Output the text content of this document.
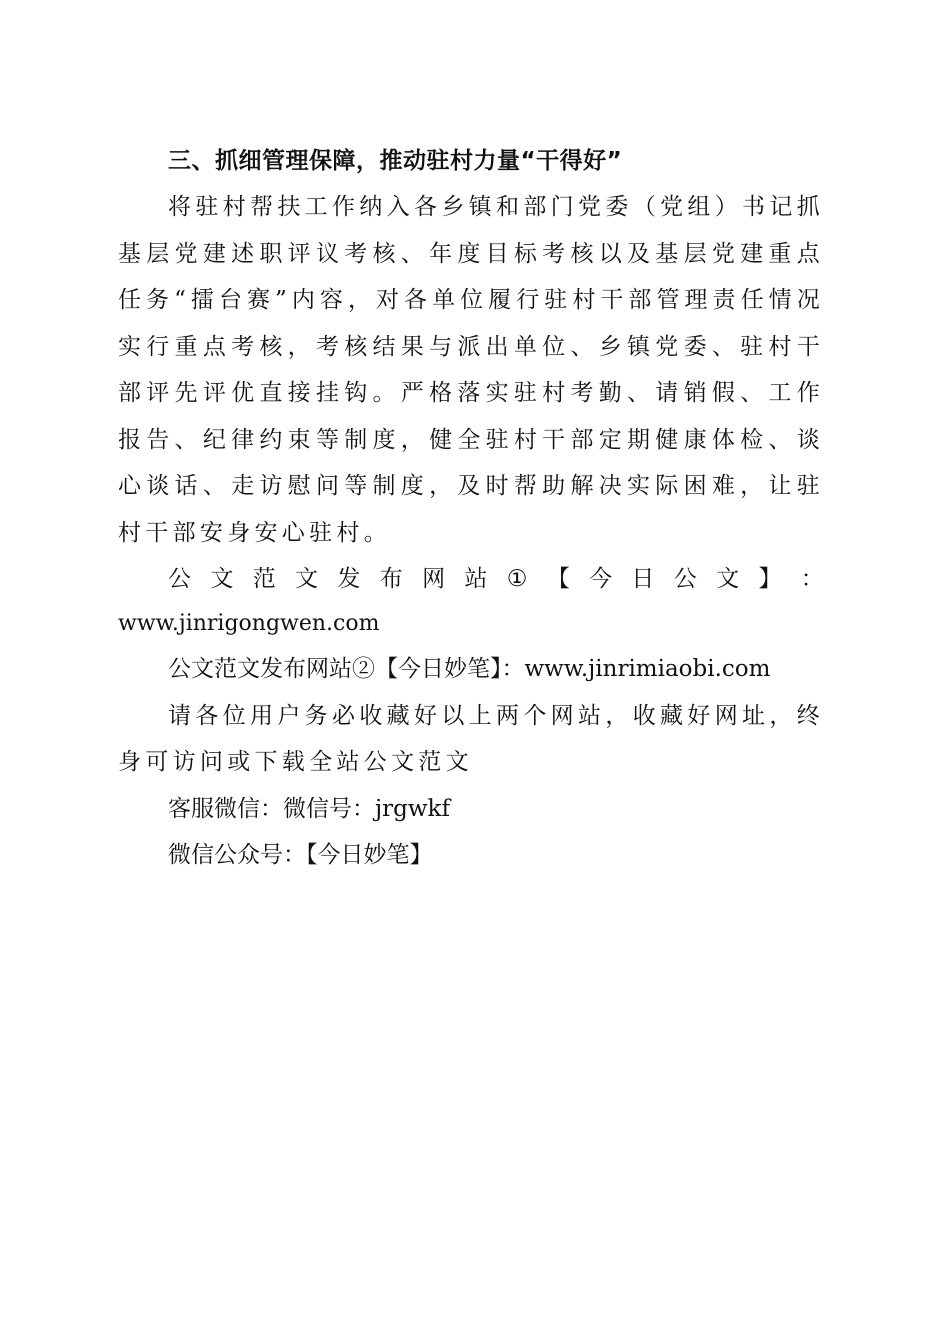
三、抓细管理保障，推动驻村力量“干得好”

将驻村帮扶工作纳入各乡镇和部门党委（党组）书记抓基层党建述职评议考核、年度目标考核以及基层党建重点任务“擂台赛”内容，对各单位履行驻村干部管理责任情况实行重点考核，考核结果与派出单位、乡镇党委、驻村干部评先评优直接挂钩。严格落实驻村考勤、请销假、工作报告、纪律约束等制度，健全驻村干部定期健康体检、谈心谈话、走访慰问等制度，及时帮助解决实际困难，让驻村干部安身安心驻村。

公 文 范 文 发 布 网 站 ① 【 今 日 公 文 】 ：

www.jinrigongwen.com

公文范文发布网站②【今日妙笔】：www.jinrimiaobi.com

请各位用户务必收藏好以上两个网站，收藏好网址，终身可访问或下载全站公文范文

客服微信：微信号：jrgwkf

微信公众号：【今日妙笔】
